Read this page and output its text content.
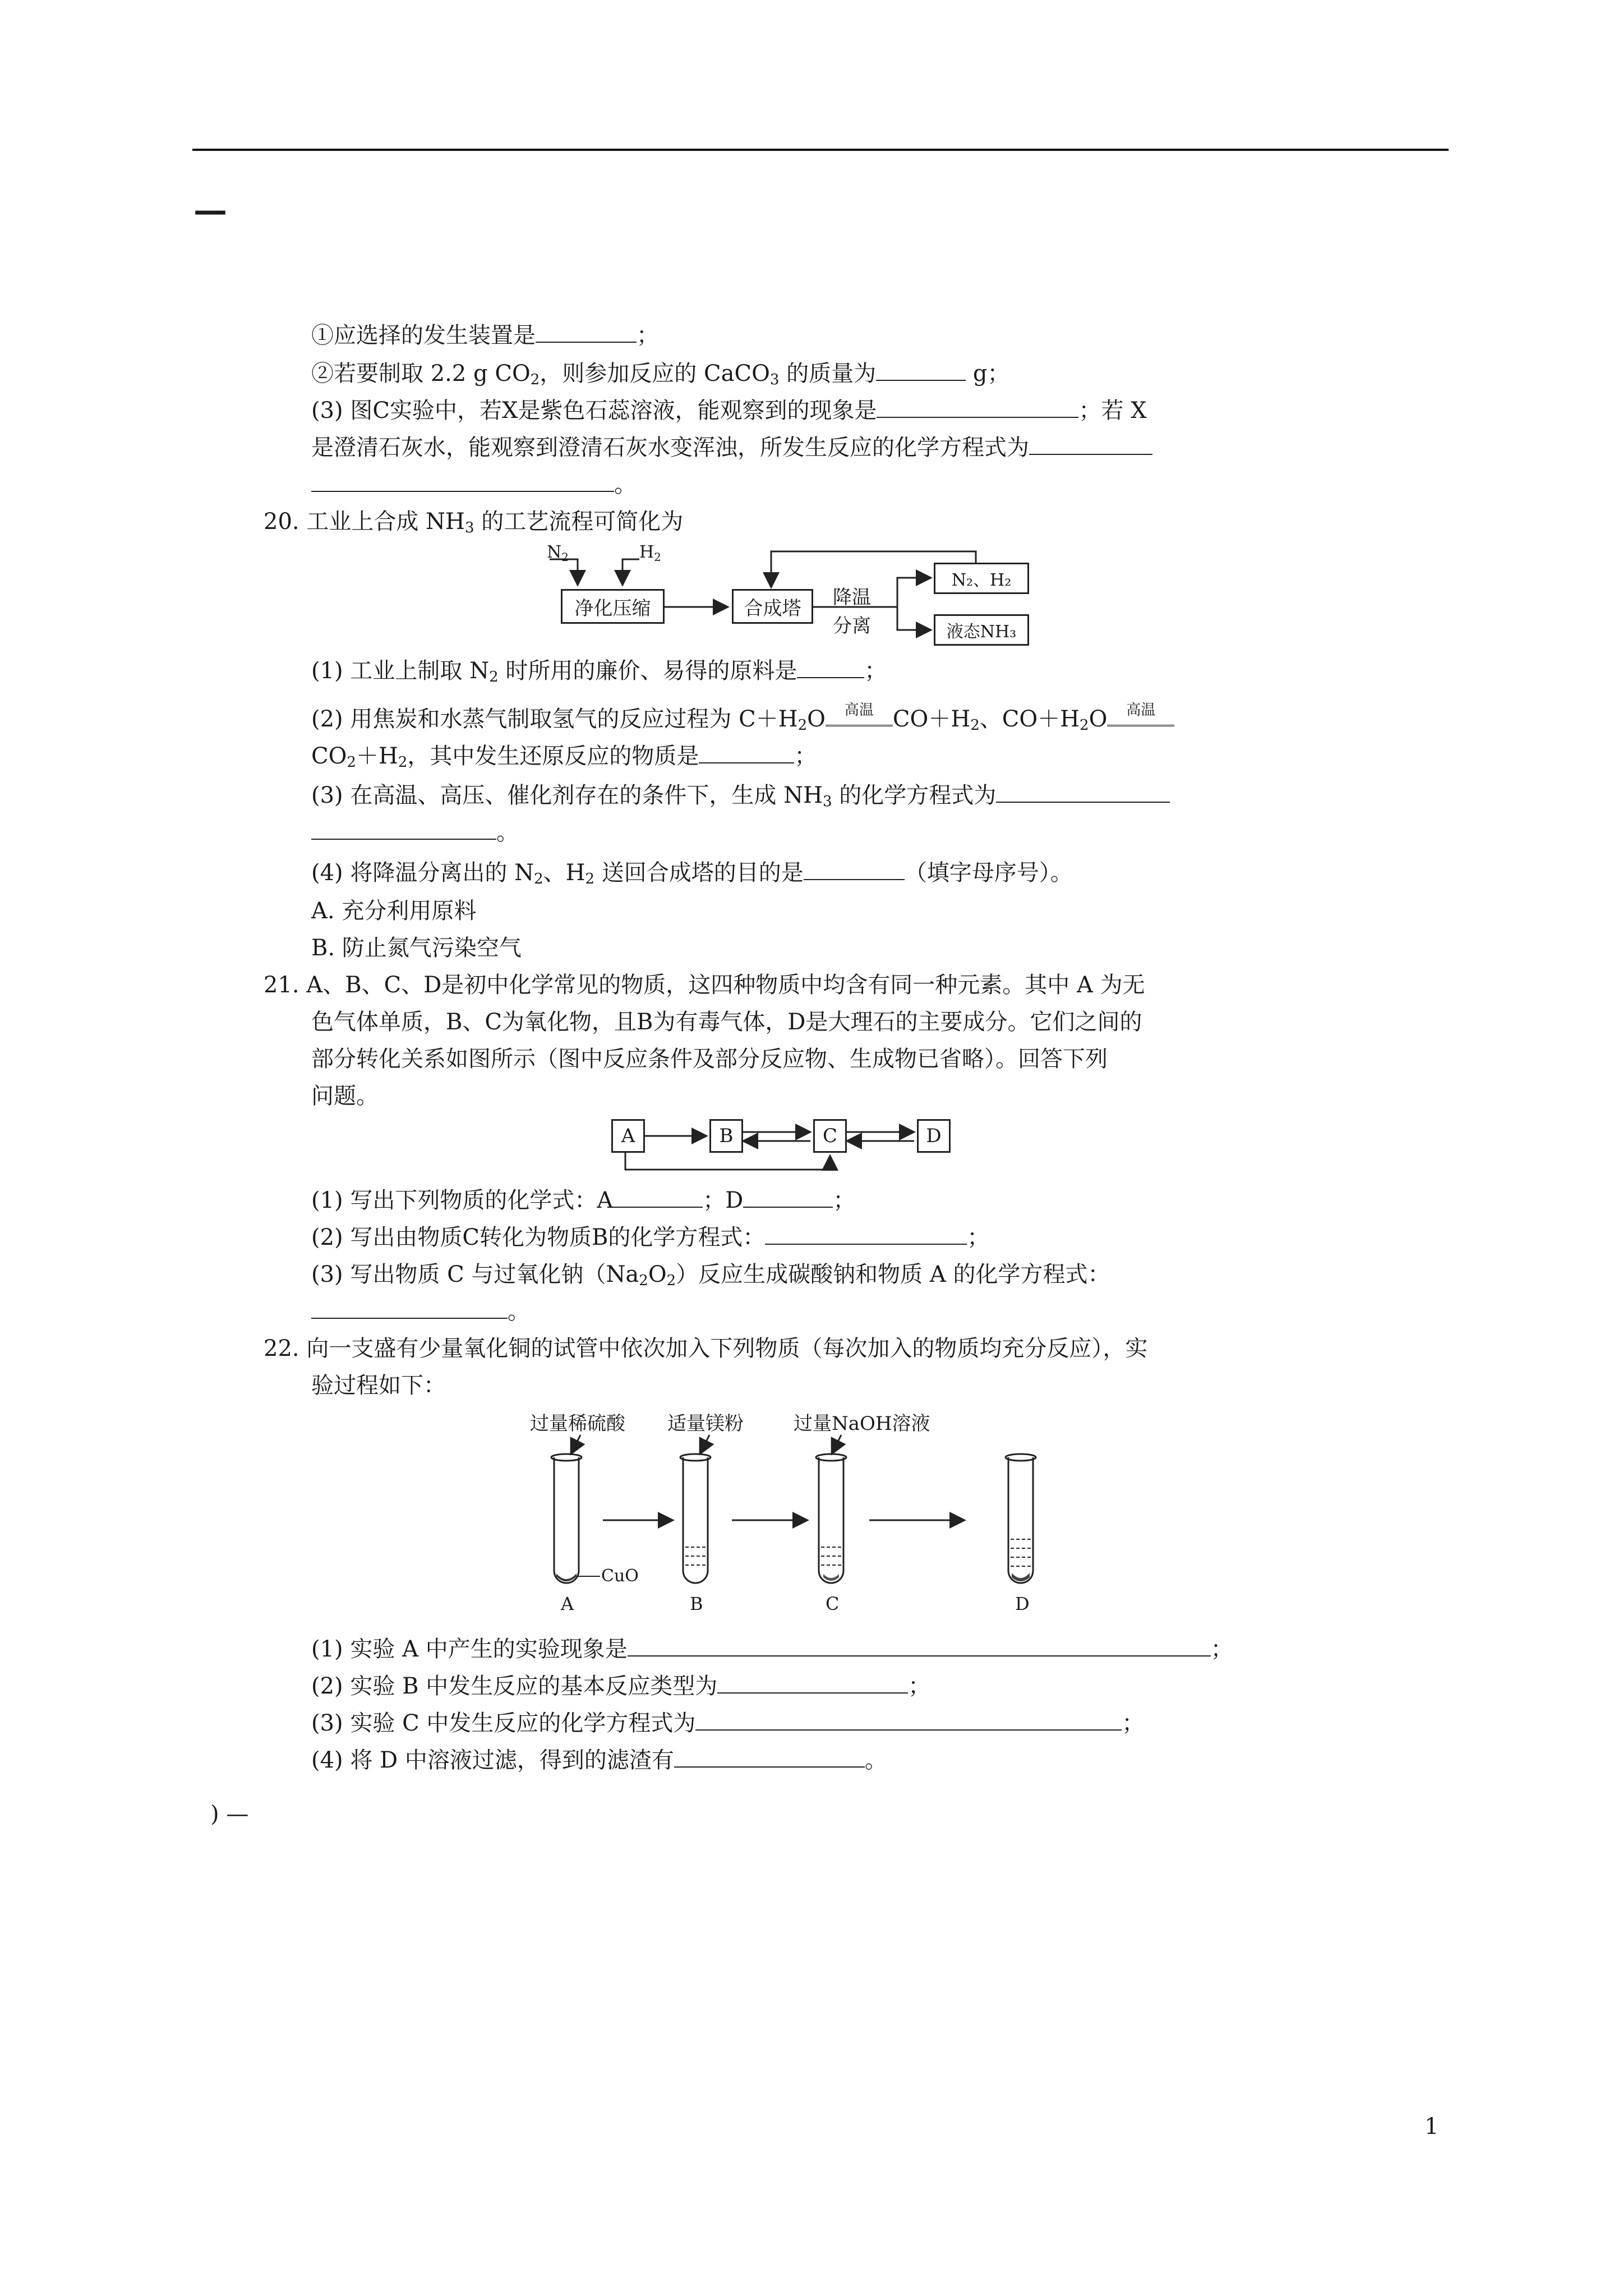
—
①应选择的发生装置是	；
②若要制取 2.2 g $CO_2$，则参加反应的 CaCO$_3$ 的质量为	g；
(3) 图C实验中，若X是紫色石蕊溶液，能观察到的现象是	；若 X
是澄清石灰水，能观察到澄清石灰水变浑浊，所发生反应的化学方程式为
。
20. 工业上合成 $NH_3$ 的工艺流程可简化为
$N_2$	$H_2$
净化压缩	合成塔	降温
分离
N₂、H₂
液态NH₃
(1) 工业上制取 $N_2$ 时所用的廉价、易得的原料是	；
(2) 用焦炭和水蒸气制取氢气的反应过程为 $C+H_2O$	高温 $CO+H_2$、$CO+H_2O$	高温
$CO_2+H_2$，其中发生还原反应的物质是	；
(3) 在高温、高压、催化剂存在的条件下，生成 $NH_3$ 的化学方程式为
。
(4) 将降温分离出的 $N_2$、$H_2$ 送回合成塔的目的是	（填字母序号）。
A. 充分利用原料
B. 防止氮气污染空气
21. A、B、C、D是初中化学常见的物质，这四种物质中均含有同一种元素。其中 A 为无
色气体单质，B、C为氧化物，且B为有毒气体，D是大理石的主要成分。它们之间的
部分转化关系如图所示（图中反应条件及部分反应物、生成物已省略）。回答下列
问题。
A	B	C	D
(1) 写出下列物质的化学式：A	；D	；
(2) 写出由物质C转化为物质B的化学方程式：	；
(3) 写出物质 C 与过氧化钠$(Na_2O_2)$反应生成碳酸钠和物质 A 的化学方程式：
。
22. 向一支盛有少量氧化铜的试管中依次加入下列物质（每次加入的物质均充分反应），实
验过程如下：
过量稀硫酸 适量镁粉	过量NaOH溶液
CuO
A	B	C	D
(1) 实验 A 中产生的实验现象是	；
(2) 实验 B 中发生反应的基本反应类型为	；
(3) 实验 C 中发生反应的化学方程式为	；
(4) 将 D 中溶液过滤，得到的滤渣有	。
) —
1
